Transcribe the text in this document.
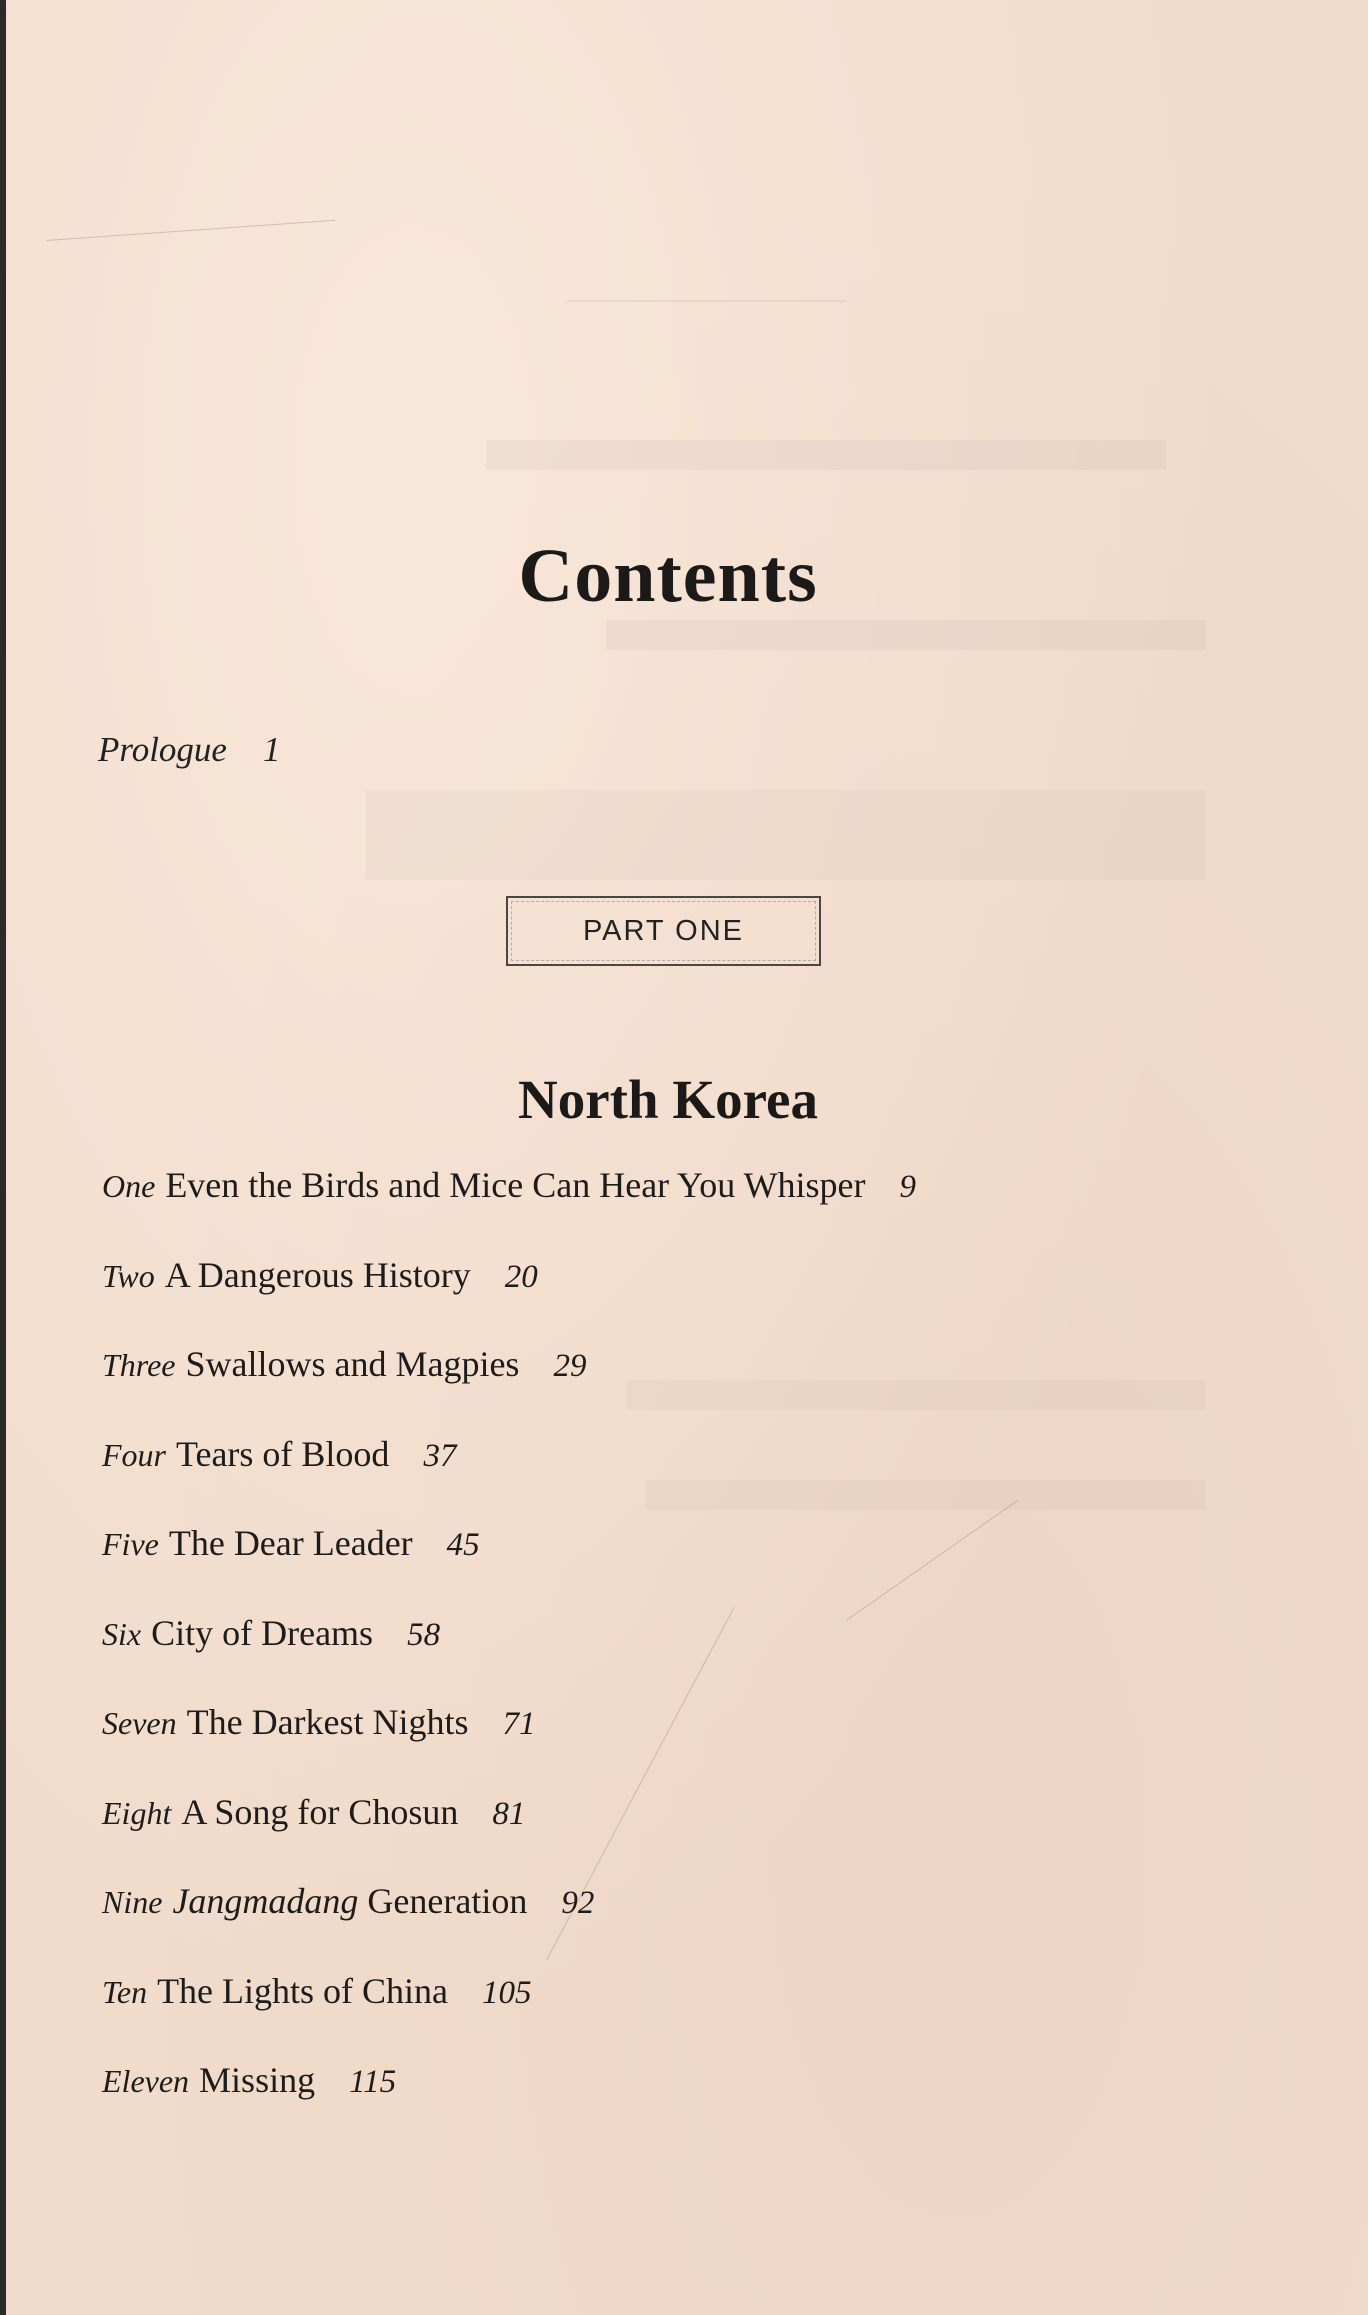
Contents
Prologue 1
PART ONE
North Korea
One Even the Birds and Mice Can Hear You Whisper 9
Two A Dangerous History 20
Three Swallows and Magpies 29
Four Tears of Blood 37
Five The Dear Leader 45
Six City of Dreams 58
Seven The Darkest Nights 71
Eight A Song for Chosun 81
Nine Jangmadang Generation 92
Ten The Lights of China 105
Eleven Missing 115
